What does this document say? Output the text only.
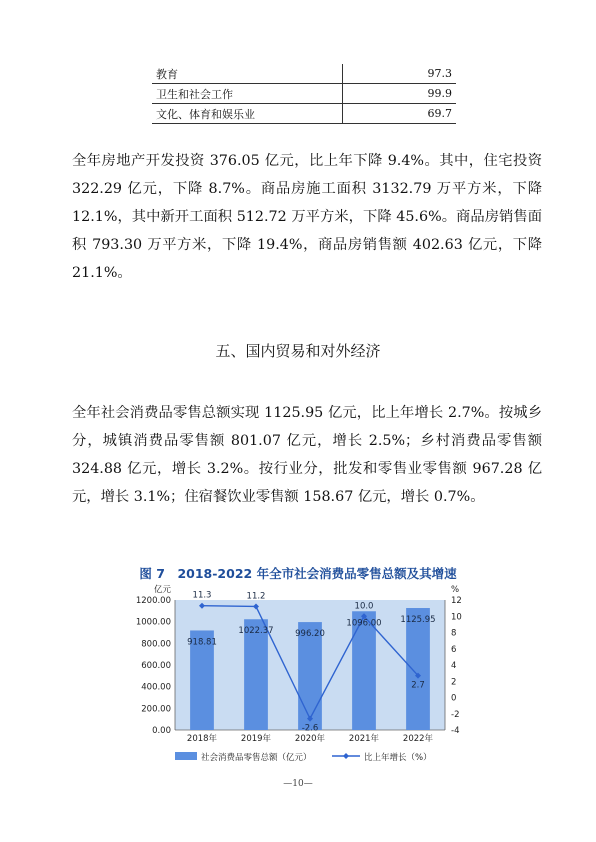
教育	97.3
卫生和社会工作	99.9
文化、体育和娱乐业	69.7

全年房地产开发投资 376.05 亿元，比上年下降 9.4%。其中，住宅投资 322.29 亿元，下降 8.7%。商品房施工面积 3132.79 万平方米，下降 12.1%，其中新开工面积 512.72 万平方米，下降 45.6%。商品房销售面积 793.30 万平方米，下降 19.4%，商品房销售额 402.63 亿元，下降 21.1%。

五、国内贸易和对外经济

全年社会消费品零售总额实现 1125.95 亿元，比上年增长 2.7%。按城乡分，城镇消费品零售额 801.07 亿元，增长 2.5%；乡村消费品零售额 324.88 亿元，增长 3.2%。按行业分，批发和零售业零售额 967.28 亿元，增长 3.1%；住宿餐饮业零售额 158.67 亿元，增长 0.7%。

图 7　2018-2022 年全市社会消费品零售总额及其增速

0.00
200.00
400.00
600.00
800.00
1000.00
1200.00
-4
-2
0
2
4
6
8
10
12
亿元	%
2018年	2019年	2020年	2021年	2022年
918.81
1022.37	996.20
1096.00 1125.95
11.3	11.2
-2.6
10.0
2.7
社会消费品零售总额（亿元）	比上年增长（%）

—10—
